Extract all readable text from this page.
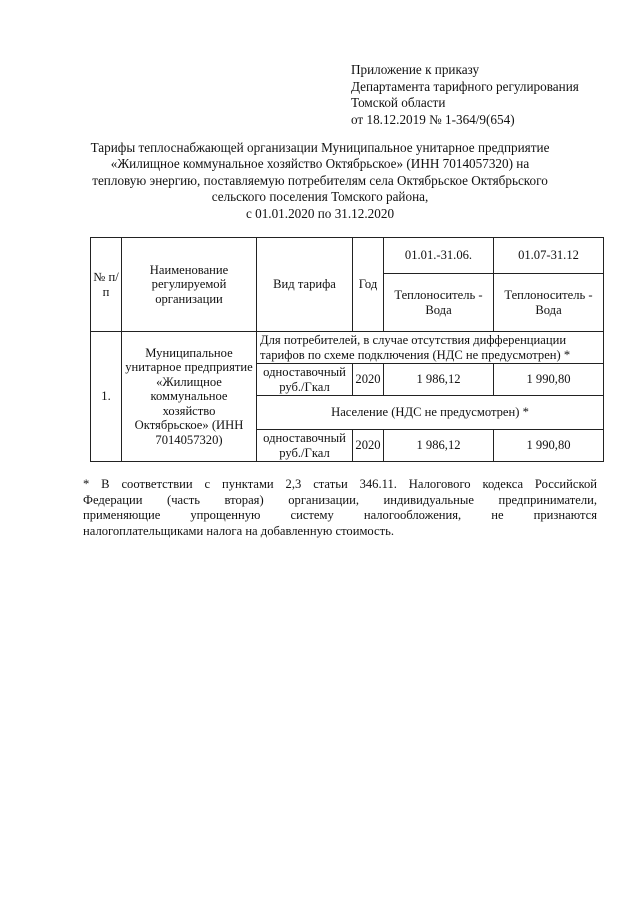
Приложение к приказу
Департамента тарифного регулирования
Томской области
от 18.12.2019 № 1-364/9(654)
Тарифы теплоснабжающей организации Муниципальное унитарное предприятие
«Жилищное коммунальное хозяйство Октябрьское» (ИНН 7014057320) на
тепловую энергию, поставляемую потребителям села Октябрьское Октябрьского
сельского поселения Томского района,
с 01.01.2020 по 31.12.2020
№ п/п	Наименование регулируемой организации	Вид тарифа	Год	01.01.-31.06.	01.07-31.12
				Теплоноситель - Вода	Теплоноситель - Вода
1.	Муниципальное унитарное предприятие «Жилищное коммунальное хозяйство Октябрьское» (ИНН 7014057320)	Для потребителей, в случае отсутствия дифференциации тарифов по схеме подключения (НДС не предусмотрен) *			
		одноставочный руб./Гкал	2020	1 986,12	1 990,80
		Население (НДС не предусмотрен) *			
		одноставочный руб./Гкал	2020	1 986,12	1 990,80
* В соответствии с пунктами 2,3 статьи 346.11. Налогового кодекса Российской
Федерации (часть вторая) организации, индивидуальные предприниматели,
применяющие упрощенную систему налогообложения, не признаются
налогоплательщиками налога на добавленную стоимость.
